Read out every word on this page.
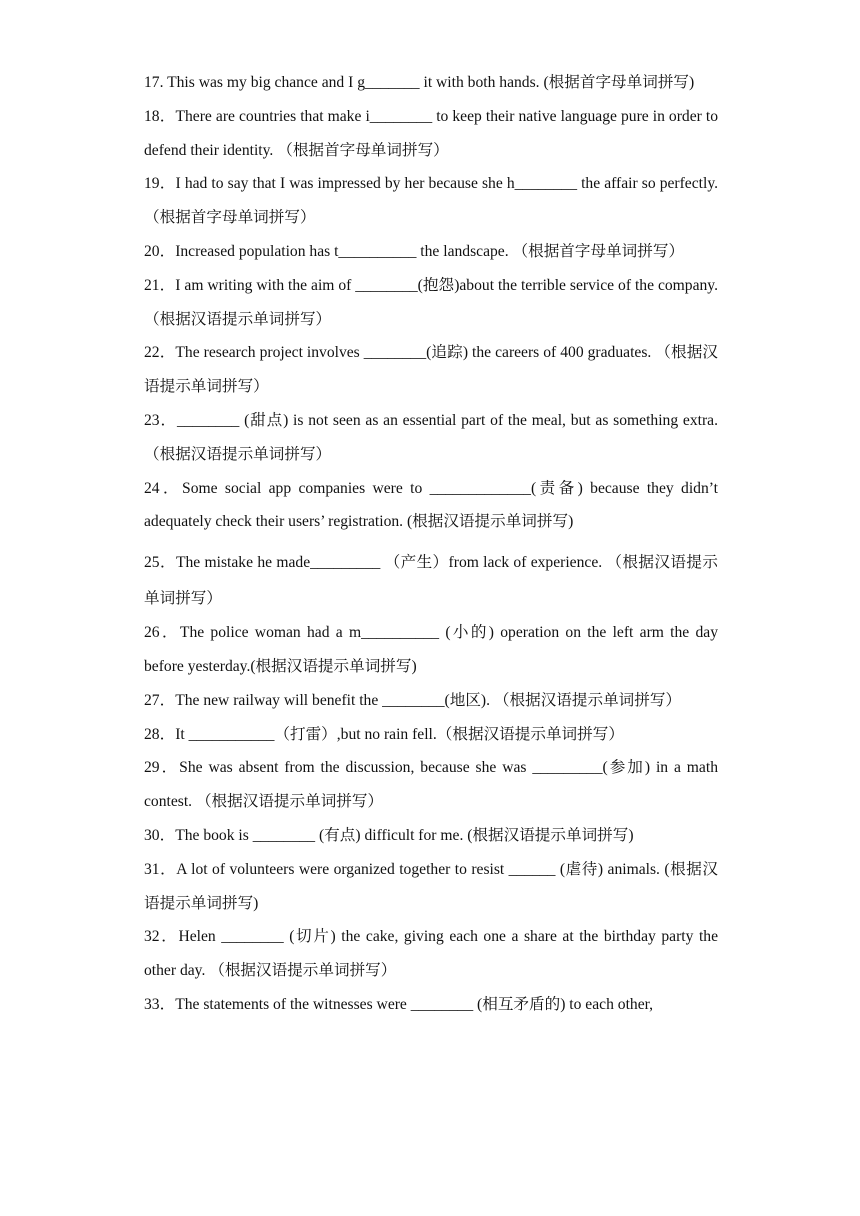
17. This was my big chance and I g_______ it with both hands. (根据首字母单词拼写)

18．There are countries that make i________ to keep their native language pure in order to defend their identity. （根据首字母单词拼写）

19．I had to say that I was impressed by her because she h________ the affair so perfectly. （根据首字母单词拼写）

20．Increased population has t__________ the landscape. （根据首字母单词拼写）

21．I am writing with the aim of ________(抱怨)about the terrible service of the company. （根据汉语提示单词拼写）

22．The research project involves ________(追踪) the careers of 400 graduates. （根据汉语提示单词拼写）

23．________ (甜点) is not seen as an essential part of the meal, but as something extra. （根据汉语提示单词拼写）

24．Some social app companies were to _____________(责备) because they didn’t adequately check their users’ registration. (根据汉语提示单词拼写)

25．The mistake he made_________ （产生）from lack of experience. （根据汉语提示单词拼写）

26．The police woman had a m__________ (小的) operation on the left arm the day before yesterday.(根据汉语提示单词拼写)

27．The new railway will benefit the ________(地区). （根据汉语提示单词拼写）

28．It ___________（打雷）,but no rain fell.（根据汉语提示单词拼写）

29．She was absent from the discussion, because she was _________(参加) in a math contest. （根据汉语提示单词拼写）

30．The book is ________ (有点) difficult for me. (根据汉语提示单词拼写)

31．A lot of volunteers were organized together to resist ______ (虐待) animals. (根据汉语提示单词拼写)

32．Helen ________ (切片) the cake, giving each one a share at the birthday party the other day. （根据汉语提示单词拼写）

33．The statements of the witnesses were ________ (相互矛盾的) to each other,
